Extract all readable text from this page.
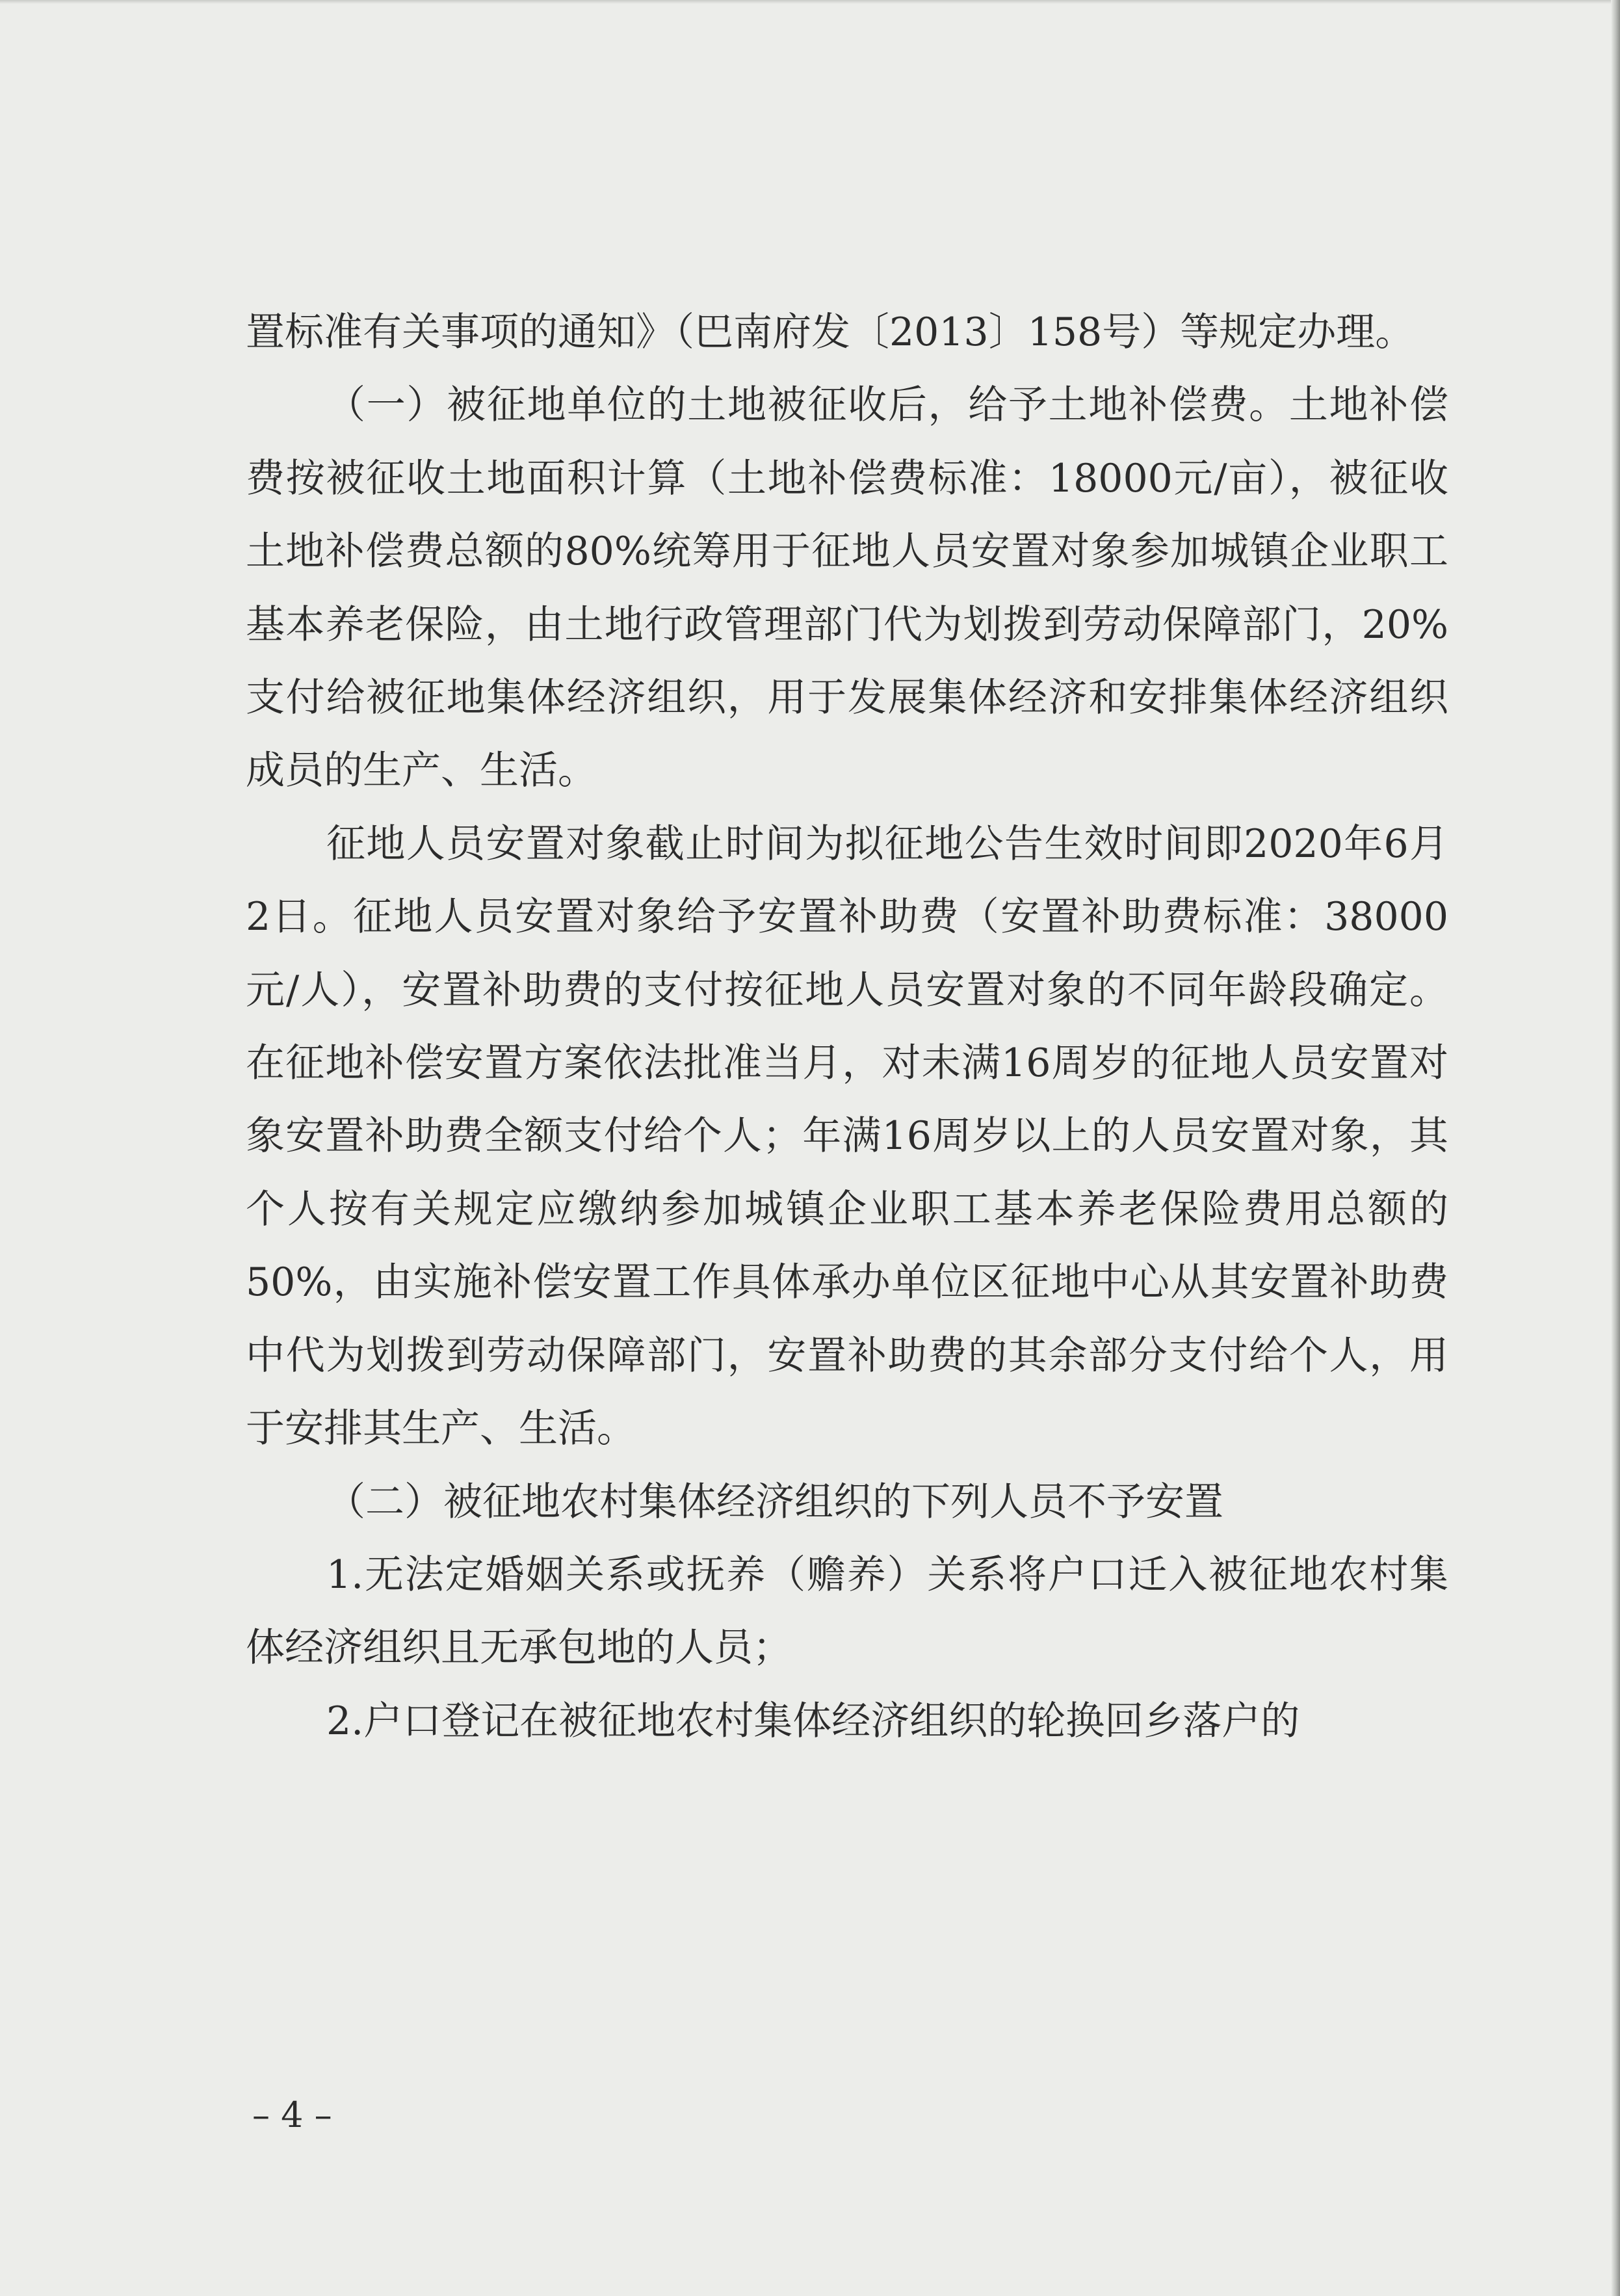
置标准有关事项的通知》（巴南府发〔2013〕158号）等规定办理。

（一）被征地单位的土地被征收后，给予土地补偿费。土地补偿费按被征收土地面积计算（土地补偿费标准：18000元/亩），被征收土地补偿费总额的80%统筹用于征地人员安置对象参加城镇企业职工基本养老保险，由土地行政管理部门代为划拨到劳动保障部门，20%支付给被征地集体经济组织，用于发展集体经济和安排集体经济组织成员的生产、生活。

征地人员安置对象截止时间为拟征地公告生效时间即2020年6月2日。征地人员安置对象给予安置补助费（安置补助费标准：38000元/人），安置补助费的支付按征地人员安置对象的不同年龄段确定。在征地补偿安置方案依法批准当月，对未满16周岁的征地人员安置对象安置补助费全额支付给个人；年满16周岁以上的人员安置对象，其个人按有关规定应缴纳参加城镇企业职工基本养老保险费用总额的50%，由实施补偿安置工作具体承办单位区征地中心从其安置补助费中代为划拨到劳动保障部门，安置补助费的其余部分支付给个人，用于安排其生产、生活。

（二）被征地农村集体经济组织的下列人员不予安置

1.无法定婚姻关系或抚养（赡养）关系将户口迁入被征地农村集体经济组织且无承包地的人员；

2.户口登记在被征地农村集体经济组织的轮换回乡落户的

– 4 –
